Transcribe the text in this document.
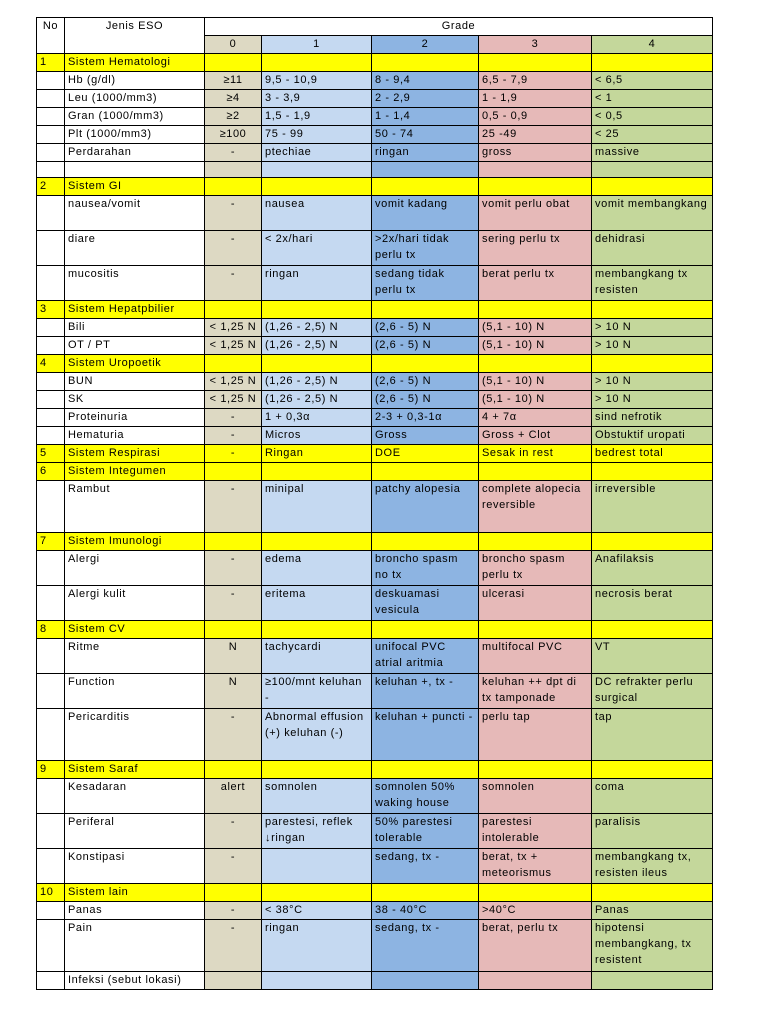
No	Jenis ESO	Grade				
		0	1	2	3	4
1	Sistem Hematologi					
	Hb (g/dl)	≥11	9,5 - 10,9	8 - 9,4	6,5 - 7,9	< 6,5
	Leu (1000/mm3)	≥4	3 - 3,9	2 - 2,9	1 - 1,9	< 1
	Gran (1000/mm3)	≥2	1,5 - 1,9	1 - 1,4	0,5 - 0,9	< 0,5
	Plt (1000/mm3)	≥100	75 - 99	50 - 74	25 -49	< 25
	Perdarahan	-	ptechiae	ringan	gross	massive

2	Sistem GI					
	nausea/vomit	-	nausea	vomit kadang	vomit perlu obat	vomit membangkang
	diare	-	< 2x/hari	>2x/hari tidak perlu tx	sering perlu tx	dehidrasi
	mucositis	-	ringan	sedang tidak perlu tx	berat perlu tx	membangkang tx resisten
3	Sistem Hepatpbilier					
	Bili	< 1,25 N	(1,26 - 2,5) N	(2,6 - 5) N	(5,1 - 10) N	> 10 N
	OT / PT	< 1,25 N	(1,26 - 2,5) N	(2,6 - 5) N	(5,1 - 10) N	> 10 N
4	Sistem Uropoetik					
	BUN	< 1,25 N	(1,26 - 2,5) N	(2,6 - 5) N	(5,1 - 10) N	> 10 N
	SK	< 1,25 N	(1,26 - 2,5) N	(2,6 - 5) N	(5,1 - 10) N	> 10 N
	Proteinuria	-	1 + 0,3α	2-3 + 0,3-1α	4 + 7α	sind nefrotik
	Hematuria	-	Micros	Gross	Gross + Clot	Obstuktif uropati
5	Sistem Respirasi	-	Ringan	DOE	Sesak in rest	bedrest total
6	Sistem Integumen					
	Rambut	-	minipal	patchy alopesia	complete alopecia reversible	irreversible
7	Sistem Imunologi					
	Alergi	-	edema	broncho spasm no tx	broncho spasm perlu tx	Anafilaksis
	Alergi kulit	-	eritema	deskuamasi vesicula	ulcerasi	necrosis berat
8	Sistem CV					
	Ritme	N	tachycardi	unifocal PVC atrial aritmia	multifocal PVC	VT
	Function	N	≥100/mnt keluhan -	keluhan +, tx -	keluhan ++ dpt di tx tamponade	DC refrakter perlu surgical
	Pericarditis	-	Abnormal effusion (+) keluhan (-)	keluhan + puncti -	perlu tap	tap
9	Sistem Saraf					
	Kesadaran	alert	somnolen	somnolen 50% waking house	somnolen	coma
	Periferal	-	parestesi, reflek ↓ringan	50% parestesi tolerable	parestesi intolerable	paralisis
	Konstipasi	-		sedang, tx -	berat, tx + meteorismus	membangkang tx, resisten ileus
10	Sistem lain					
	Panas	-	< 38°C	38 - 40°C	>40°C	Panas
	Pain	-	ringan	sedang, tx -	berat, perlu tx	hipotensi membangkang, tx resistent
	Infeksi (sebut lokasi)					
